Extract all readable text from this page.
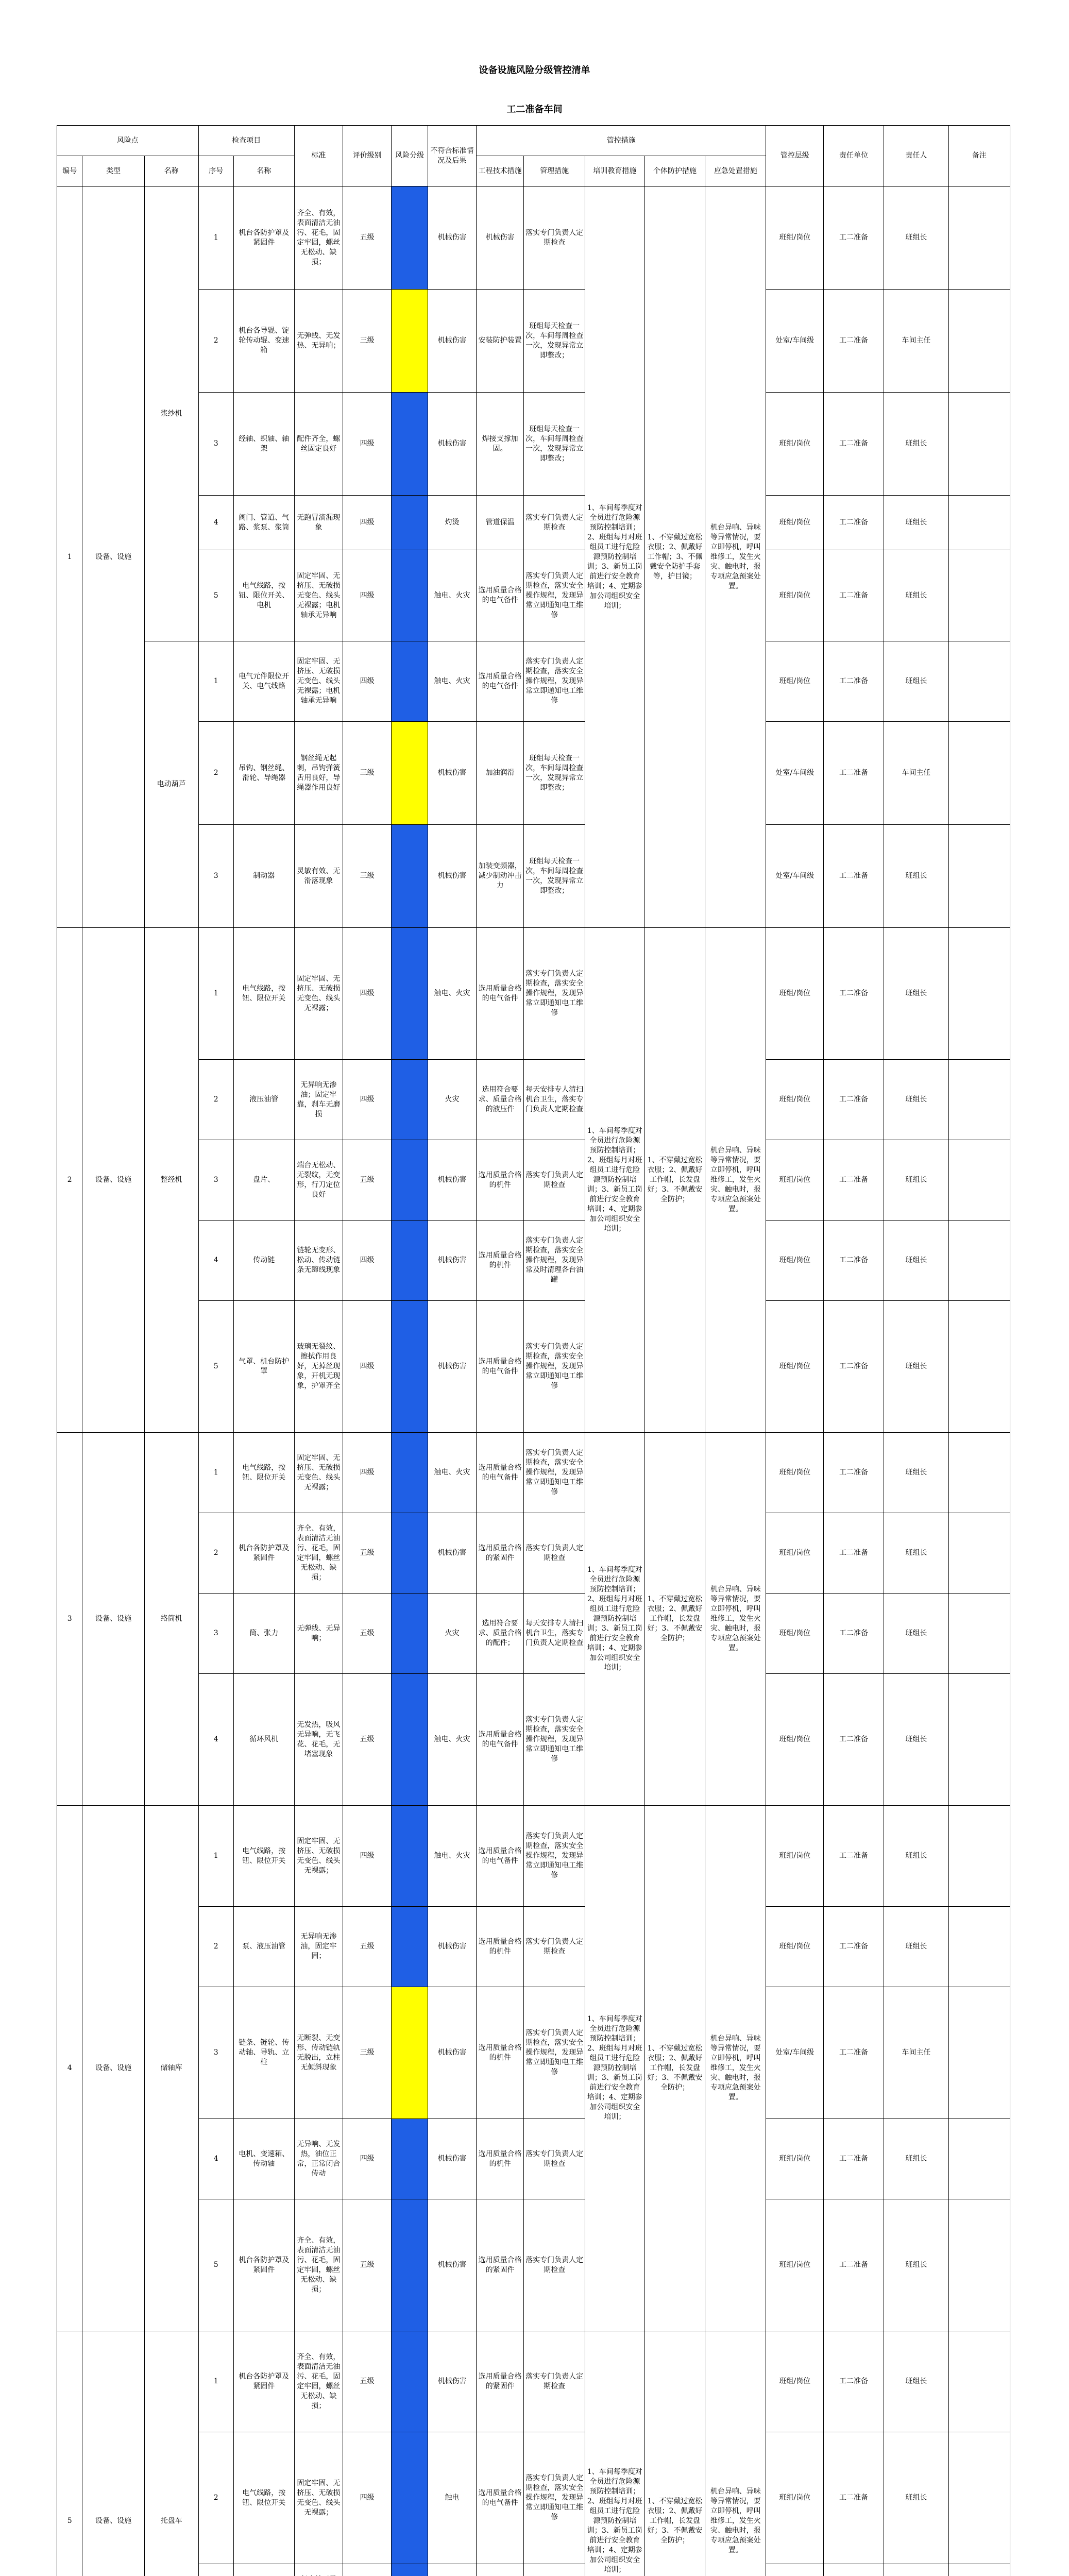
设备设施风险分级管控清单
工二准备车间
风险点			检查项目		标准	评价级别	风险分级	不符合标准情况及后果	管控措施					管控层级	责任单位	责任人	备注
编号	类型	名称	序号	名称					工程技术措施	管理措施	培训教育措施	个体防护措施	应急处置措施				
1	设备、设施	浆纱机	1	机台各防护罩及紧固件	齐全、有效，表面清洁无油污、花毛，固定牢固，螺丝无松动、缺损；	五级		机械伤害	机械伤害	落实专门负责人定期检查	1、车间每季度对全员进行危险源预防控制培训；2、班组每月对班组员工进行危险源预防控制培训；3、新员工岗前进行安全教育培训；4、定期参加公司组织安全培训；	1、不穿戴过宽松衣服；2、佩戴好工作帽；3、不佩戴安全防护手套等，护目镜；	机台异响、异味等异常情况，要立即停机，呼叫维修工，发生火灾、触电时，报专项应急预案处置。	班组/岗位	工二准备	班组长	
			2	机台各导辊、锭轮传动辊、变速箱	无弹线、无发热、无异响；	三级		机械伤害	安装防护装置	班组每天检查一次，车间每周检查一次，发现异常立即整改；				处室/车间级	工二准备	车间主任	
			3	经轴、织轴、轴架	配件齐全，螺丝固定良好	四级		机械伤害	焊接支撑加固。	班组每天检查一次，车间每周检查一次，发现异常立即整改；				班组/岗位	工二准备	班组长	
			4	阀门、管道、气路、浆泵、浆筒	无跑冒滴漏现象	四级		灼烫	管道保温	落实专门负责人定期检查				班组/岗位	工二准备	班组长	
			5	电气线路，按钮、限位开关、电机	固定牢固、无挤压、无破损无变色、线头无裸露；电机轴承无异响	四级		触电、火灾	选用质量合格的电气备件	落实专门负责人定期检查，落实安全操作规程，发现异常立即通知电工维修				班组/岗位	工二准备	班组长	
		电动葫芦	1	电气元件限位开关、电气线路	固定牢固、无挤压、无破损无变色、线头无裸露；电机轴承无异响	四级		触电、火灾	选用质量合格的电气备件	落实专门负责人定期检查，落实安全操作规程，发现异常立即通知电工维修				班组/岗位	工二准备	班组长	
			2	吊钩、钢丝绳、滑轮、导绳器	钢丝绳无起刺，吊钩弹簧舌用良好，导绳器作用良好	三级		机械伤害	加油润滑	班组每天检查一次，车间每周检查一次，发现异常立即整改；				处室/车间级	工二准备	车间主任	
			3	制动器	灵敏有效、无滑落现象	三级		机械伤害	加装变频器，减少制动冲击力	班组每天检查一次，车间每周检查一次，发现异常立即整改；				处室/车间级	工二准备	班组长	
2	设备、设施	整经机	1	电气线路，按钮、限位开关	固定牢固、无挤压、无破损无变色、线头无裸露；	四级		触电、火灾	选用质量合格的电气备件	落实专门负责人定期检查，落实安全操作规程，发现异常立即通知电工维修	1、车间每季度对全员进行危险源预防控制培训；2、班组每月对班组员工进行危险源预防控制培训；3、新员工岗前进行安全教育培训；4、定期参加公司组织安全培训；	1、不穿戴过宽松衣服；2、佩戴好工作帽，长发盘好；3、不佩戴安全防护；	机台异响、异味等异常情况，要立即停机，呼叫维修工，发生火灾、触电时，报专项应急预案处置。	班组/岗位	工二准备	班组长	
			2	液压油管	无异响无渗油；固定牢靠，刹车无磨损	四级		火灾	选用符合要求、质量合格的液压件	每天安排专人清扫机台卫生，落实专门负责人定期检查				班组/岗位	工二准备	班组长	
			3	盘片、	端台无松动、无裂纹，无变形，行刀定位良好	五级		机械伤害	选用质量合格的机件	落实专门负责人定期检查				班组/岗位	工二准备	班组长	
			4	传动链	链轮无变形、松动、传动链条无蹿线现象	四级		机械伤害	选用质量合格的机件	落实专门负责人定期检查，落实安全操作规程，发现异常及时清理各台油罐				班组/岗位	工二准备	班组长	
			5	气罩、机台防护罩	玻璃无裂纹、擦拭作用良好，无掉丝现象，开机无现象，护罩齐全	四级		机械伤害	选用质量合格的电气备件	落实专门负责人定期检查，落实安全操作规程，发现异常立即通知电工维修				班组/岗位	工二准备	班组长	
3	设备、设施	络筒机	1	电气线路，按钮、限位开关	固定牢固、无挤压、无破损无变色、线头无裸露；	四级		触电、火灾	选用质量合格的电气备件	落实专门负责人定期检查，落实安全操作规程，发现异常立即通知电工维修	1、车间每季度对全员进行危险源预防控制培训；2、班组每月对班组员工进行危险源预防控制培训；3、新员工岗前进行安全教育培训；4、定期参加公司组织安全培训；	1、不穿戴过宽松衣服；2、佩戴好工作帽，长发盘好；3、不佩戴安全防护；	机台异响、异味等异常情况，要立即停机，呼叫维修工，发生火灾、触电时，报专项应急预案处置。	班组/岗位	工二准备	班组长	
			2	机台各防护罩及紧固件	齐全、有效，表面清洁无油污、花毛，固定牢固，螺丝无松动、缺损；	五级		机械伤害	选用质量合格的紧固件	落实专门负责人定期检查				班组/岗位	工二准备	班组长	
			3	筒、张力	无弹线、无异响；	五级		火灾	选用符合要求、质量合格的配件；	每天安排专人清扫机台卫生，落实专门负责人定期检查				班组/岗位	工二准备	班组长	
			4	循环风机	无发热，吸风无异响，无飞花、花毛，无堵塞现象	五级		触电、火灾	选用质量合格的电气备件	落实专门负责人定期检查，落实安全操作规程，发现异常立即通知电工维修				班组/岗位	工二准备	班组长	
4	设备、设施	储轴库	1	电气线路，按钮、限位开关	固定牢固、无挤压、无破损无变色、线头无裸露；	四级		触电、火灾	选用质量合格的电气备件	落实专门负责人定期检查，落实安全操作规程，发现异常立即通知电工维修	1、车间每季度对全员进行危险源预防控制培训；2、班组每月对班组员工进行危险源预防控制培训；3、新员工岗前进行安全教育培训；4、定期参加公司组织安全培训；	1、不穿戴过宽松衣服；2、佩戴好工作帽，长发盘好；3、不佩戴安全防护；	机台异响、异味等异常情况，要立即停机，呼叫维修工，发生火灾、触电时，报专项应急预案处置。	班组/岗位	工二准备	班组长	
			2	泵、液压油管	无异响无渗油，固定牢固；	五级		机械伤害	选用质量合格的机件	落实专门负责人定期检查				班组/岗位	工二准备	班组长	
			3	链条、链轮、传动轴、导轨、立柱	无断裂、无变形、传动链轨无脱出，立柱无倾斜现象	三级		机械伤害	选用质量合格的机件	落实专门负责人定期检查，落实安全操作规程，发现异常立即通知电工维修				处室/车间级	工二准备	车间主任	
			4	电机、变速箱、传动轴	无异响、无发热，油位正常，正常闭合传动	四级		机械伤害	选用质量合格的机件	落实专门负责人定期检查				班组/岗位	工二准备	班组长	
			5	机台各防护罩及紧固件	齐全、有效，表面清洁无油污、花毛，固定牢固，螺丝无松动、缺损；	五级		机械伤害	选用质量合格的紧固件	落实专门负责人定期检查				班组/岗位	工二准备	班组长	
5	设备、设施	托盘车	1	机台各防护罩及紧固件	齐全、有效，表面清洁无油污、花毛，固定牢固，螺丝无松动、缺损；	五级		机械伤害	选用质量合格的紧固件	落实专门负责人定期检查	1、车间每季度对全员进行危险源预防控制培训；2、班组每月对班组员工进行危险源预防控制培训；3、新员工岗前进行安全教育培训；4、定期参加公司组织安全培训；	1、不穿戴过宽松衣服；2、佩戴好工作帽，长发盘好；3、不佩戴安全防护；	机台异响、异味等异常情况，要立即停机，呼叫维修工，发生火灾、触电时，报专项应急预案处置。	班组/岗位	工二准备	班组长	
			2	电气线路，按钮、限位开关	固定牢固、无挤压、无破损无变色、线头无裸露；	四级		触电	选用质量合格的电气备件	落实专门负责人定期检查，落实安全操作规程，发现异常立即通知电工维修				班组/岗位	工二准备	班组长	
